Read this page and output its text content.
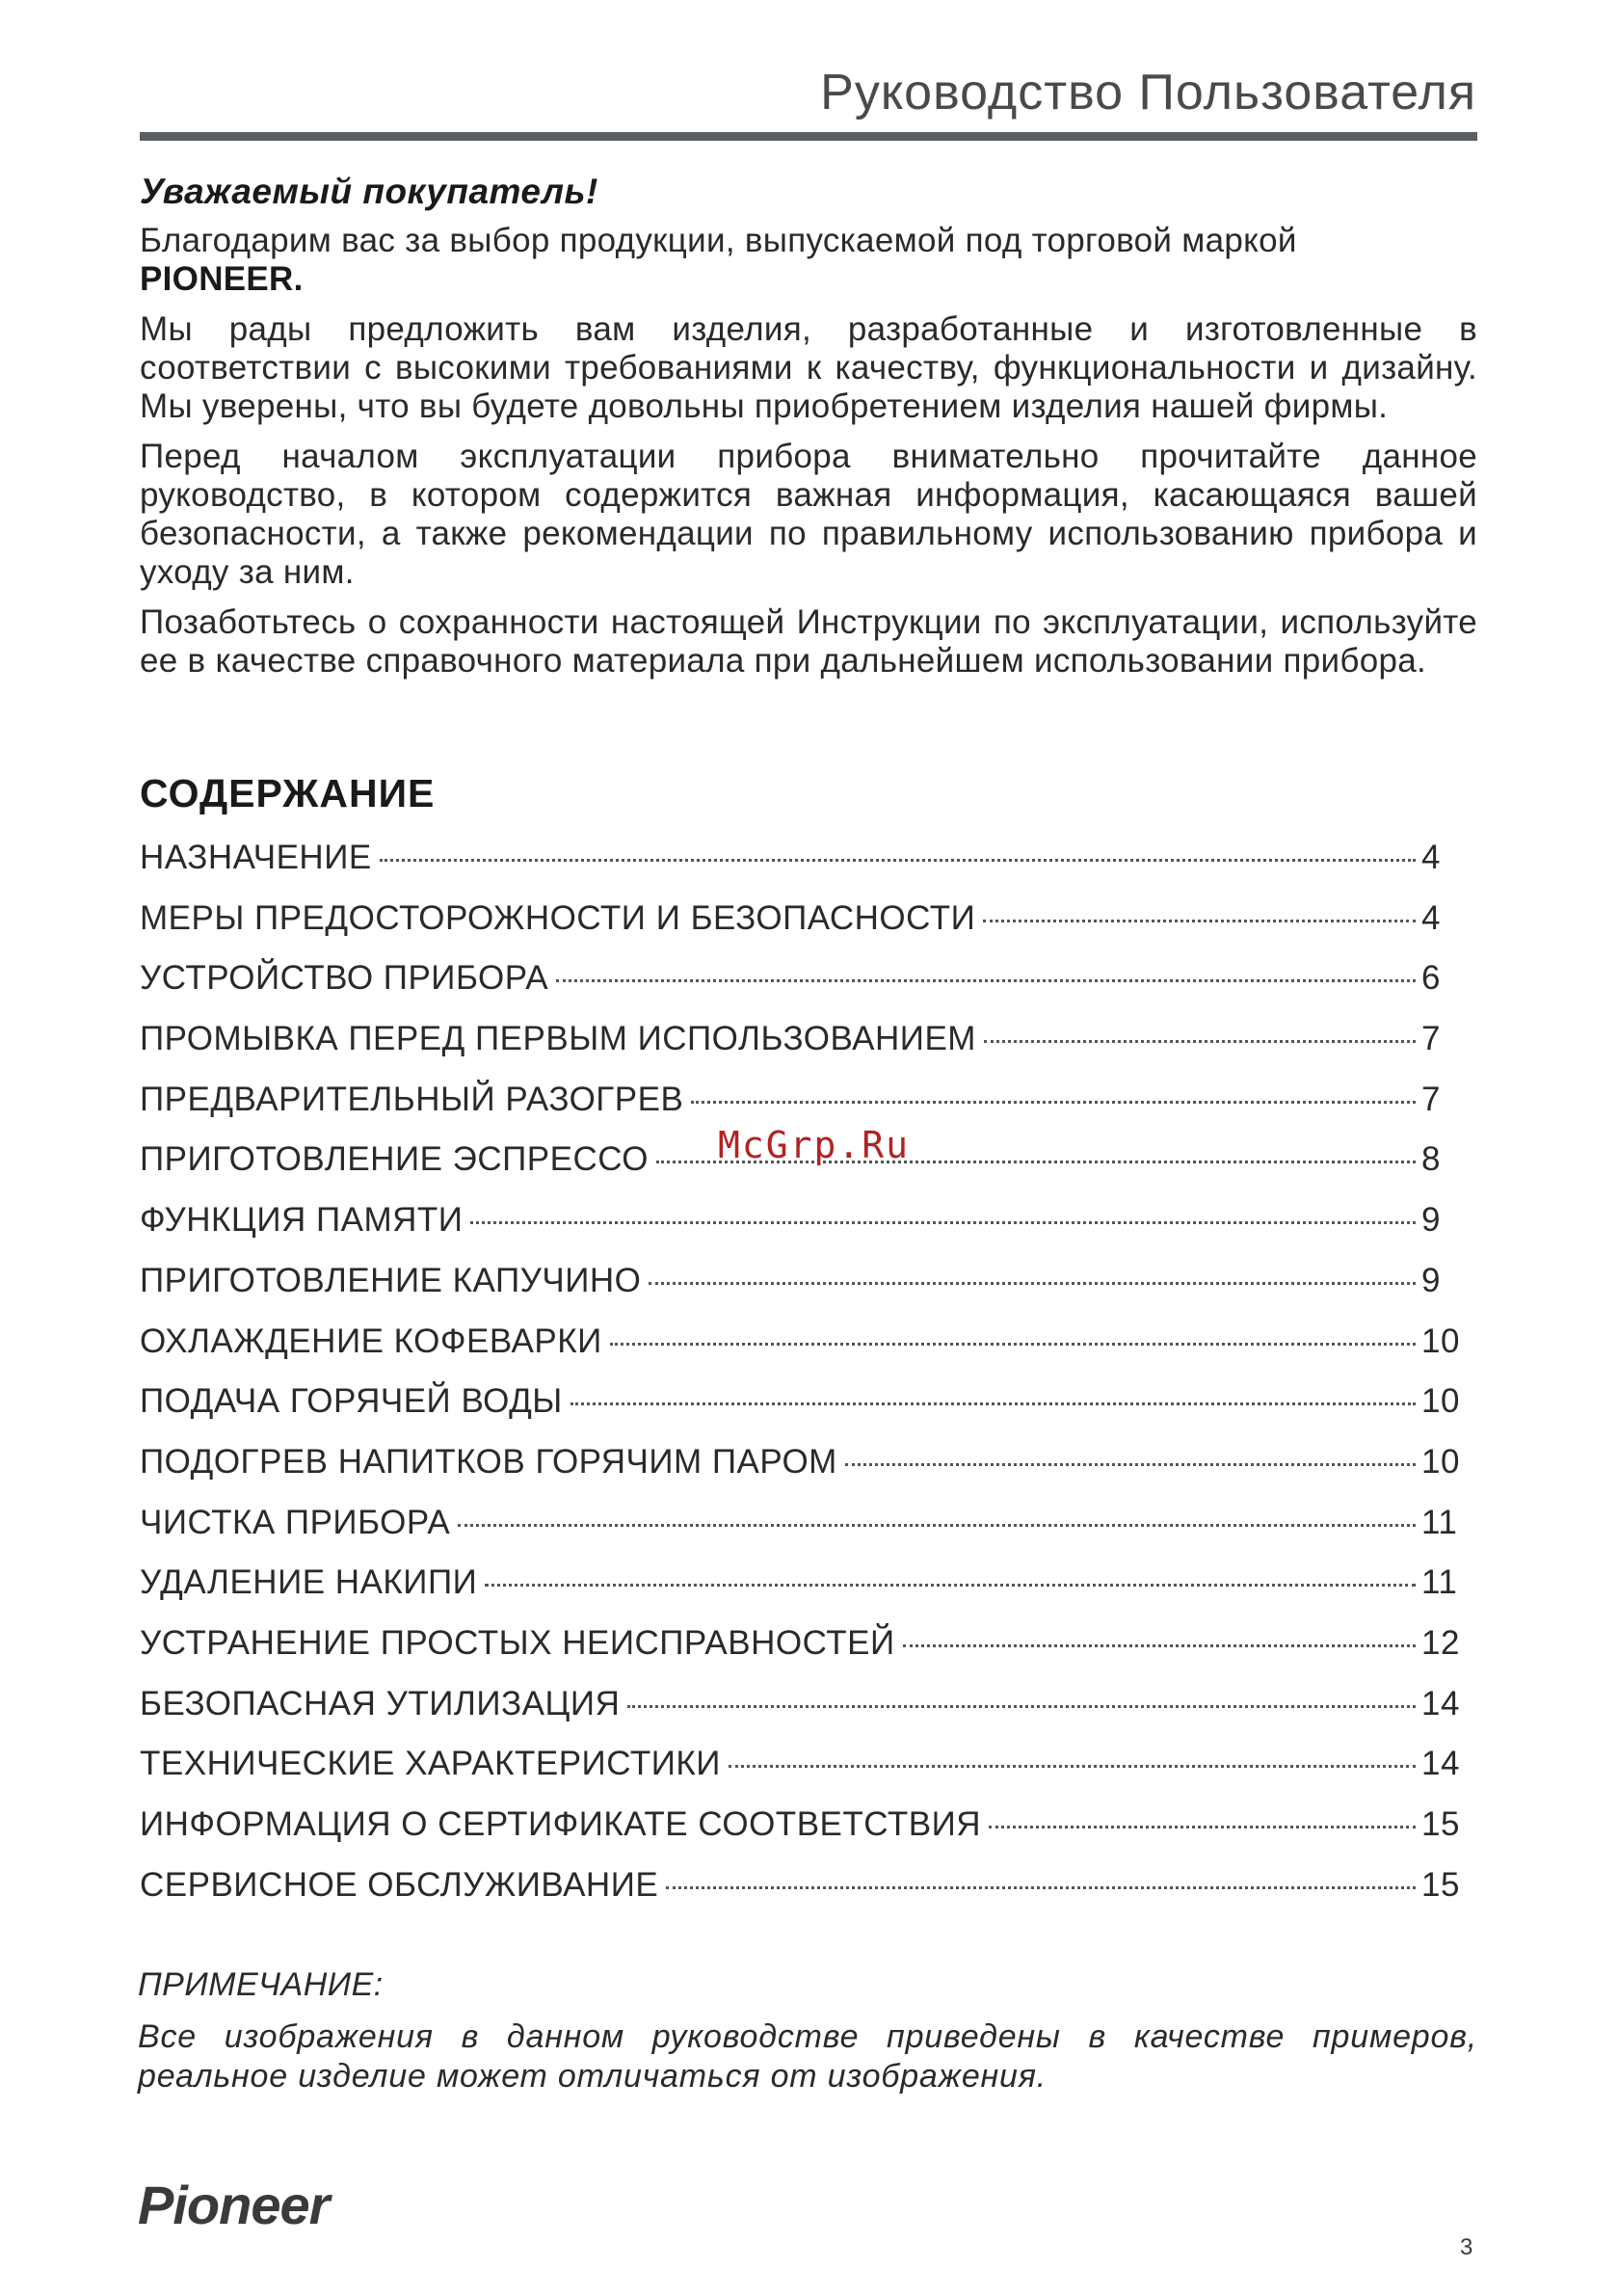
Руководство Пользователя

Уважаемый покупатель!

Благодарим вас за выбор продукции, выпускаемой под торговой маркой
PIONEER.

Мы рады предложить вам изделия, разработанные и изготовленные в соответствии с высокими требованиями к качеству, функциональности и дизайну. Мы уверены, что вы будете довольны приобретением изделия нашей фирмы.

Перед началом эксплуатации прибора внимательно прочитайте данное руководство, в котором содержится важная информация, касающаяся вашей безопасности, а также рекомендации по правильному использованию прибора и уходу за ним.

Позаботьтесь о сохранности настоящей Инструкции по эксплуатации, используйте ее в качестве справочного материала при дальнейшем использовании прибора.

СОДЕРЖАНИЕ
НАЗНАЧЕНИЕ	4
МЕРЫ ПРЕДОСТОРОЖНОСТИ И БЕЗОПАСНОСТИ	4
УСТРОЙСТВО ПРИБОРА	6
ПРОМЫВКА ПЕРЕД ПЕРВЫМ ИСПОЛЬЗОВАНИЕМ	7
ПРЕДВАРИТЕЛЬНЫЙ РАЗОГРЕВ	7
ПРИГОТОВЛЕНИЕ ЭСПРЕССО	8
ФУНКЦИЯ ПАМЯТИ	9
ПРИГОТОВЛЕНИЕ КАПУЧИНО	9
ОХЛАЖДЕНИЕ КОФЕВАРКИ	10
ПОДАЧА ГОРЯЧЕЙ ВОДЫ	10
ПОДОГРЕВ НАПИТКОВ ГОРЯЧИМ ПАРОМ	10
ЧИСТКА ПРИБОРА	11
УДАЛЕНИЕ НАКИПИ	11
УСТРАНЕНИЕ ПРОСТЫХ НЕИСПРАВНОСТЕЙ	12
БЕЗОПАСНАЯ УТИЛИЗАЦИЯ	14
ТЕХНИЧЕСКИЕ ХАРАКТЕРИСТИКИ	14
ИНФОРМАЦИЯ О СЕРТИФИКАТЕ СООТВЕТСТВИЯ	15
СЕРВИСНОЕ ОБСЛУЖИВАНИЕ	15
McGrp.Ru
ПРИМЕЧАНИЕ:
Все изображения в данном руководстве приведены в качестве примеров, реальное изделие может отличаться от изображения.
Pioneer
3
